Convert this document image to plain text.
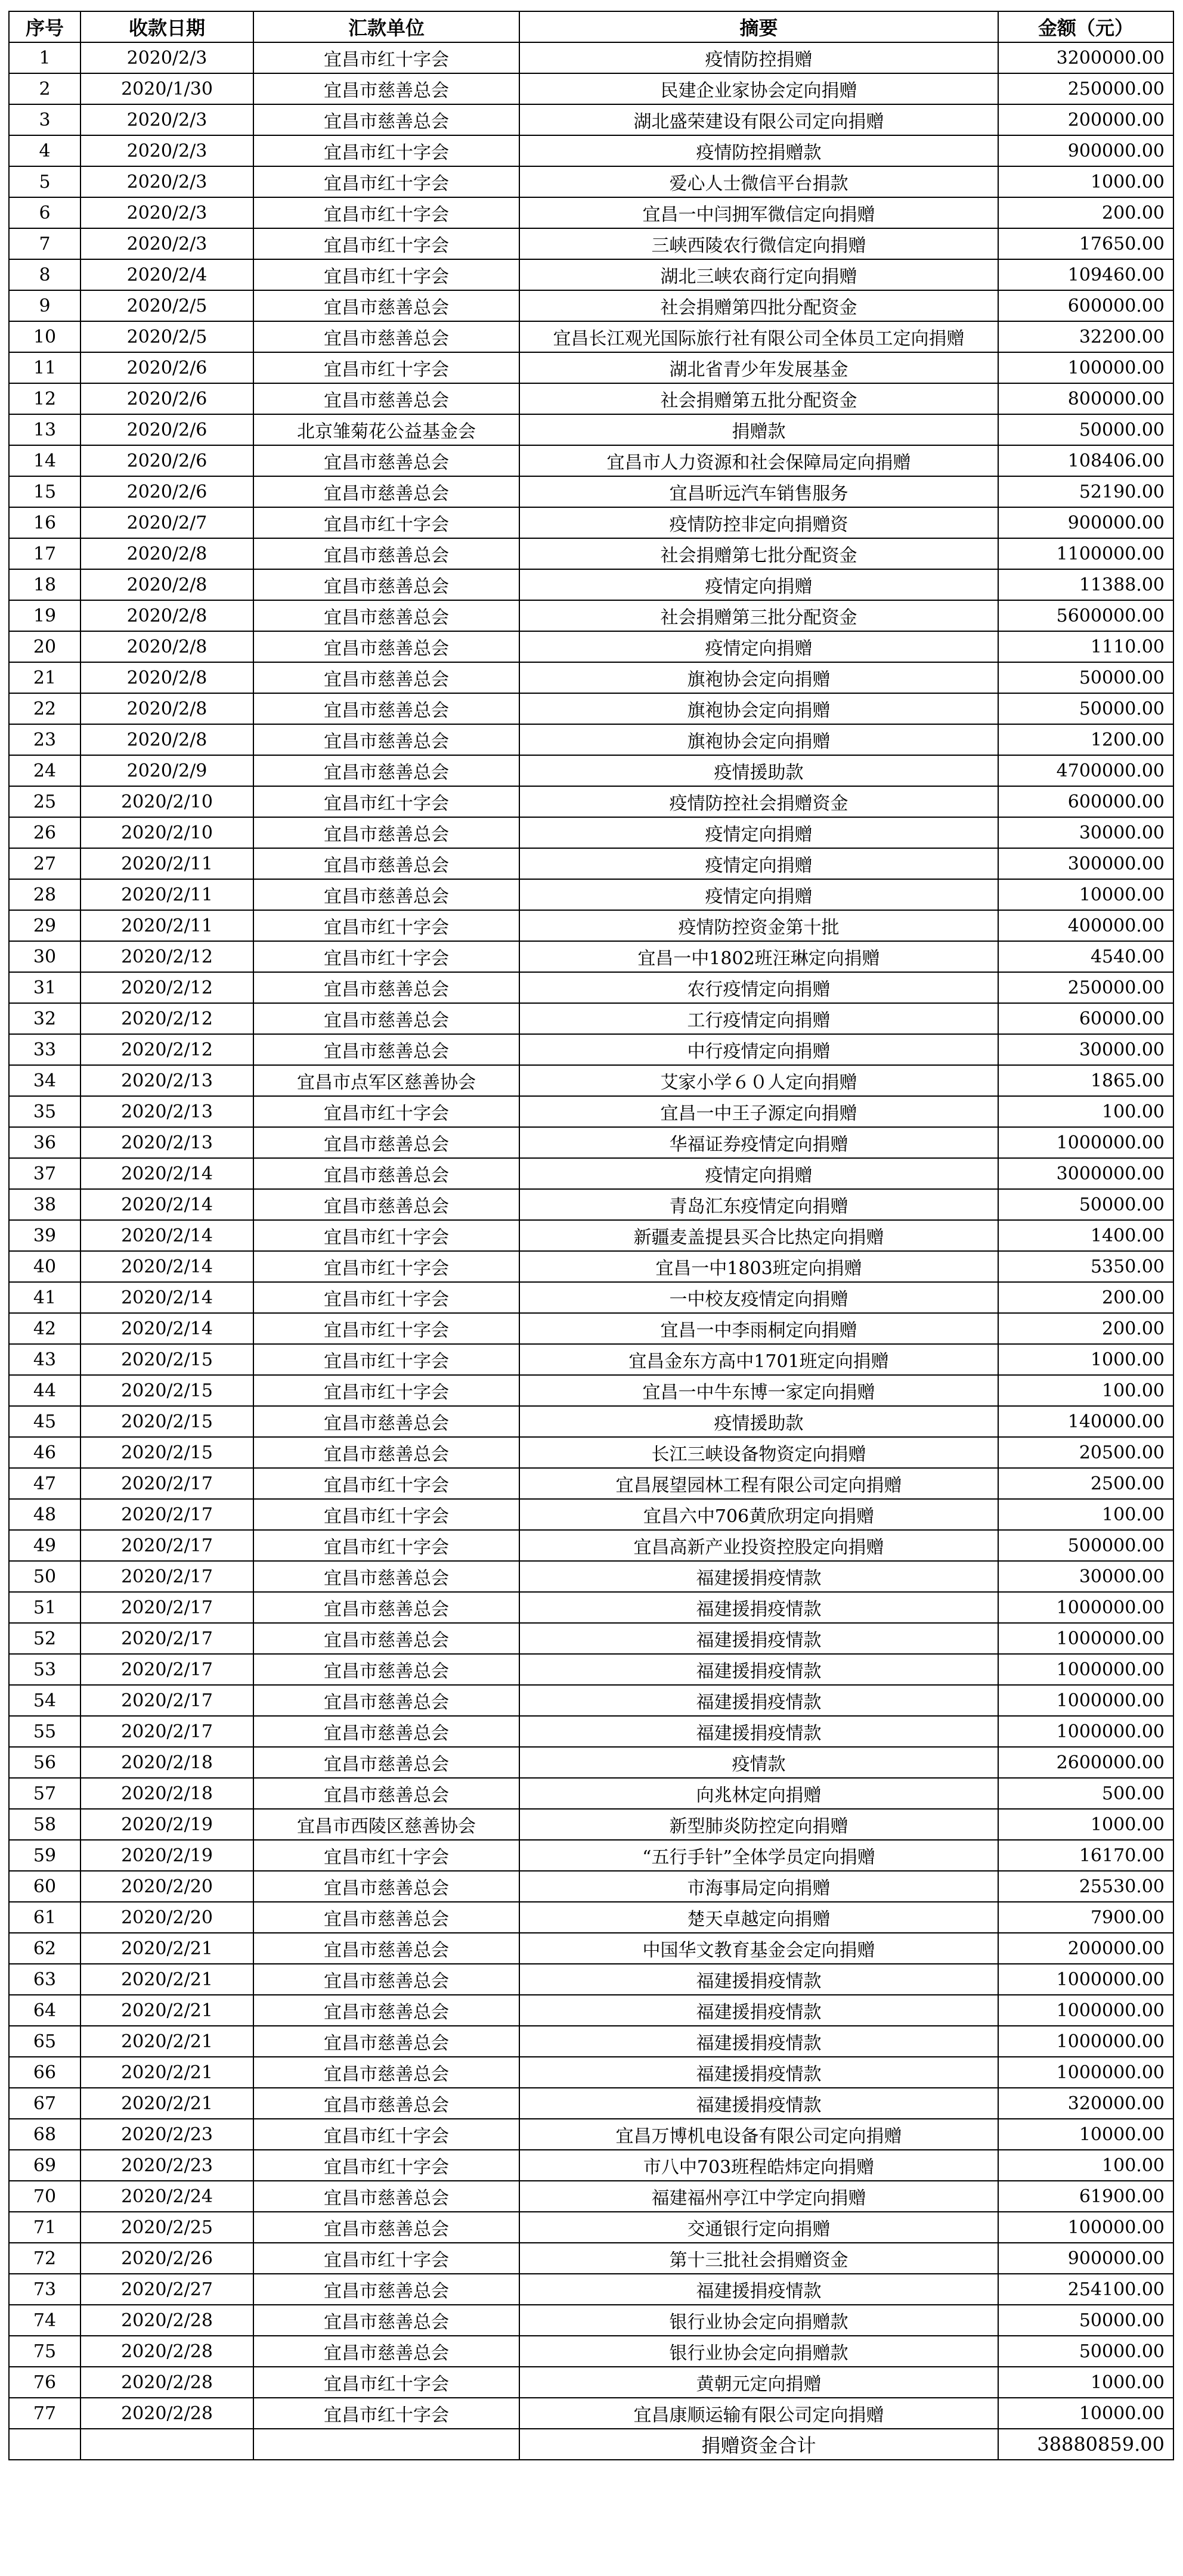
序号	收款日期	汇款单位	摘要	金额（元）
1	2020/2/3	宜昌市红十字会	疫情防控捐赠	3200000.00
2	2020/1/30	宜昌市慈善总会	民建企业家协会定向捐赠	250000.00
3	2020/2/3	宜昌市慈善总会	湖北盛荣建设有限公司定向捐赠	200000.00
4	2020/2/3	宜昌市红十字会	疫情防控捐赠款	900000.00
5	2020/2/3	宜昌市红十字会	爱心人士微信平台捐款	1000.00
6	2020/2/3	宜昌市红十字会	宜昌一中闫拥军微信定向捐赠	200.00
7	2020/2/3	宜昌市红十字会	三峡西陵农行微信定向捐赠	17650.00
8	2020/2/4	宜昌市红十字会	湖北三峡农商行定向捐赠	109460.00
9	2020/2/5	宜昌市慈善总会	社会捐赠第四批分配资金	600000.00
10	2020/2/5	宜昌市慈善总会	宜昌长江观光国际旅行社有限公司全体员工定向捐赠	32200.00
11	2020/2/6	宜昌市红十字会	湖北省青少年发展基金	100000.00
12	2020/2/6	宜昌市慈善总会	社会捐赠第五批分配资金	800000.00
13	2020/2/6	北京雏菊花公益基金会	捐赠款	50000.00
14	2020/2/6	宜昌市慈善总会	宜昌市人力资源和社会保障局定向捐赠	108406.00
15	2020/2/6	宜昌市慈善总会	宜昌昕远汽车销售服务	52190.00
16	2020/2/7	宜昌市红十字会	疫情防控非定向捐赠资	900000.00
17	2020/2/8	宜昌市慈善总会	社会捐赠第七批分配资金	1100000.00
18	2020/2/8	宜昌市慈善总会	疫情定向捐赠	11388.00
19	2020/2/8	宜昌市慈善总会	社会捐赠第三批分配资金	5600000.00
20	2020/2/8	宜昌市慈善总会	疫情定向捐赠	1110.00
21	2020/2/8	宜昌市慈善总会	旗袍协会定向捐赠	50000.00
22	2020/2/8	宜昌市慈善总会	旗袍协会定向捐赠	50000.00
23	2020/2/8	宜昌市慈善总会	旗袍协会定向捐赠	1200.00
24	2020/2/9	宜昌市慈善总会	疫情援助款	4700000.00
25	2020/2/10	宜昌市红十字会	疫情防控社会捐赠资金	600000.00
26	2020/2/10	宜昌市慈善总会	疫情定向捐赠	30000.00
27	2020/2/11	宜昌市慈善总会	疫情定向捐赠	300000.00
28	2020/2/11	宜昌市慈善总会	疫情定向捐赠	10000.00
29	2020/2/11	宜昌市红十字会	疫情防控资金第十批	400000.00
30	2020/2/12	宜昌市红十字会	宜昌一中1802班汪琳定向捐赠	4540.00
31	2020/2/12	宜昌市慈善总会	农行疫情定向捐赠	250000.00
32	2020/2/12	宜昌市慈善总会	工行疫情定向捐赠	60000.00
33	2020/2/12	宜昌市慈善总会	中行疫情定向捐赠	30000.00
34	2020/2/13	宜昌市点军区慈善协会	艾家小学６０人定向捐赠	1865.00
35	2020/2/13	宜昌市红十字会	宜昌一中王子源定向捐赠	100.00
36	2020/2/13	宜昌市慈善总会	华福证券疫情定向捐赠	1000000.00
37	2020/2/14	宜昌市慈善总会	疫情定向捐赠	3000000.00
38	2020/2/14	宜昌市慈善总会	青岛汇东疫情定向捐赠	50000.00
39	2020/2/14	宜昌市红十字会	新疆麦盖提县买合比热定向捐赠	1400.00
40	2020/2/14	宜昌市红十字会	宜昌一中1803班定向捐赠	5350.00
41	2020/2/14	宜昌市红十字会	一中校友疫情定向捐赠	200.00
42	2020/2/14	宜昌市红十字会	宜昌一中李雨桐定向捐赠	200.00
43	2020/2/15	宜昌市红十字会	宜昌金东方高中1701班定向捐赠	1000.00
44	2020/2/15	宜昌市红十字会	宜昌一中牛东博一家定向捐赠	100.00
45	2020/2/15	宜昌市慈善总会	疫情援助款	140000.00
46	2020/2/15	宜昌市慈善总会	长江三峡设备物资定向捐赠	20500.00
47	2020/2/17	宜昌市红十字会	宜昌展望园林工程有限公司定向捐赠	2500.00
48	2020/2/17	宜昌市红十字会	宜昌六中706黄欣玥定向捐赠	100.00
49	2020/2/17	宜昌市红十字会	宜昌高新产业投资控股定向捐赠	500000.00
50	2020/2/17	宜昌市慈善总会	福建援捐疫情款	30000.00
51	2020/2/17	宜昌市慈善总会	福建援捐疫情款	1000000.00
52	2020/2/17	宜昌市慈善总会	福建援捐疫情款	1000000.00
53	2020/2/17	宜昌市慈善总会	福建援捐疫情款	1000000.00
54	2020/2/17	宜昌市慈善总会	福建援捐疫情款	1000000.00
55	2020/2/17	宜昌市慈善总会	福建援捐疫情款	1000000.00
56	2020/2/18	宜昌市慈善总会	疫情款	2600000.00
57	2020/2/18	宜昌市慈善总会	向兆林定向捐赠	500.00
58	2020/2/19	宜昌市西陵区慈善协会	新型肺炎防控定向捐赠	1000.00
59	2020/2/19	宜昌市红十字会	“五行手针”全体学员定向捐赠	16170.00
60	2020/2/20	宜昌市慈善总会	市海事局定向捐赠	25530.00
61	2020/2/20	宜昌市慈善总会	楚天卓越定向捐赠	7900.00
62	2020/2/21	宜昌市慈善总会	中国华文教育基金会定向捐赠	200000.00
63	2020/2/21	宜昌市慈善总会	福建援捐疫情款	1000000.00
64	2020/2/21	宜昌市慈善总会	福建援捐疫情款	1000000.00
65	2020/2/21	宜昌市慈善总会	福建援捐疫情款	1000000.00
66	2020/2/21	宜昌市慈善总会	福建援捐疫情款	1000000.00
67	2020/2/21	宜昌市慈善总会	福建援捐疫情款	320000.00
68	2020/2/23	宜昌市红十字会	宜昌万博机电设备有限公司定向捐赠	10000.00
69	2020/2/23	宜昌市红十字会	市八中703班程皓炜定向捐赠	100.00
70	2020/2/24	宜昌市慈善总会	福建福州亭江中学定向捐赠	61900.00
71	2020/2/25	宜昌市慈善总会	交通银行定向捐赠	100000.00
72	2020/2/26	宜昌市红十字会	第十三批社会捐赠资金	900000.00
73	2020/2/27	宜昌市慈善总会	福建援捐疫情款	254100.00
74	2020/2/28	宜昌市慈善总会	银行业协会定向捐赠款	50000.00
75	2020/2/28	宜昌市慈善总会	银行业协会定向捐赠款	50000.00
76	2020/2/28	宜昌市红十字会	黄朝元定向捐赠	1000.00
77	2020/2/28	宜昌市红十字会	宜昌康顺运输有限公司定向捐赠	10000.00
			捐赠资金合计	38880859.00
